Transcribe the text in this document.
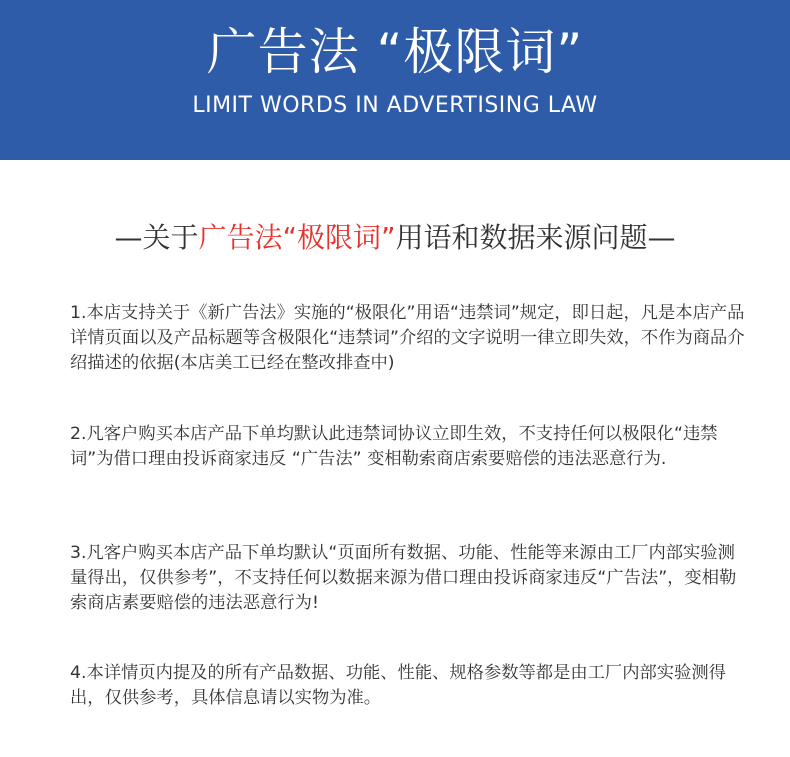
广告法 “极限词”
LIMIT WORDS IN ADVERTISING LAW
—关于广告法“极限词”用语和数据来源问题—
1.本店支持关于《新广告法》实施的“极限化”用语“违禁词”规定，即日起，凡是本店产品详情页面以及产品标题等含极限化“违禁词”介绍的文字说明一律立即失效，不作为商品介绍描述的依据(本店美工已经在整改排查中)
2.凡客户购买本店产品下单均默认此违禁词协议立即生效，不支持任何以极限化“违禁词”为借口理由投诉商家违反 “广告法” 变相勒索商店索要赔偿的违法恶意行为.
3.凡客户购买本店产品下单均默认“页面所有数据、功能、性能等来源由工厂内部实验测量得出，仅供参考”，不支持任何以数据来源为借口理由投诉商家违反“广告法”，变相勒索商店素要赔偿的违法恶意行为!
4.本详情页内提及的所有产品数据、功能、性能、规格参数等都是由工厂内部实验测得出，仅供参考，具体信息请以实物为准。
